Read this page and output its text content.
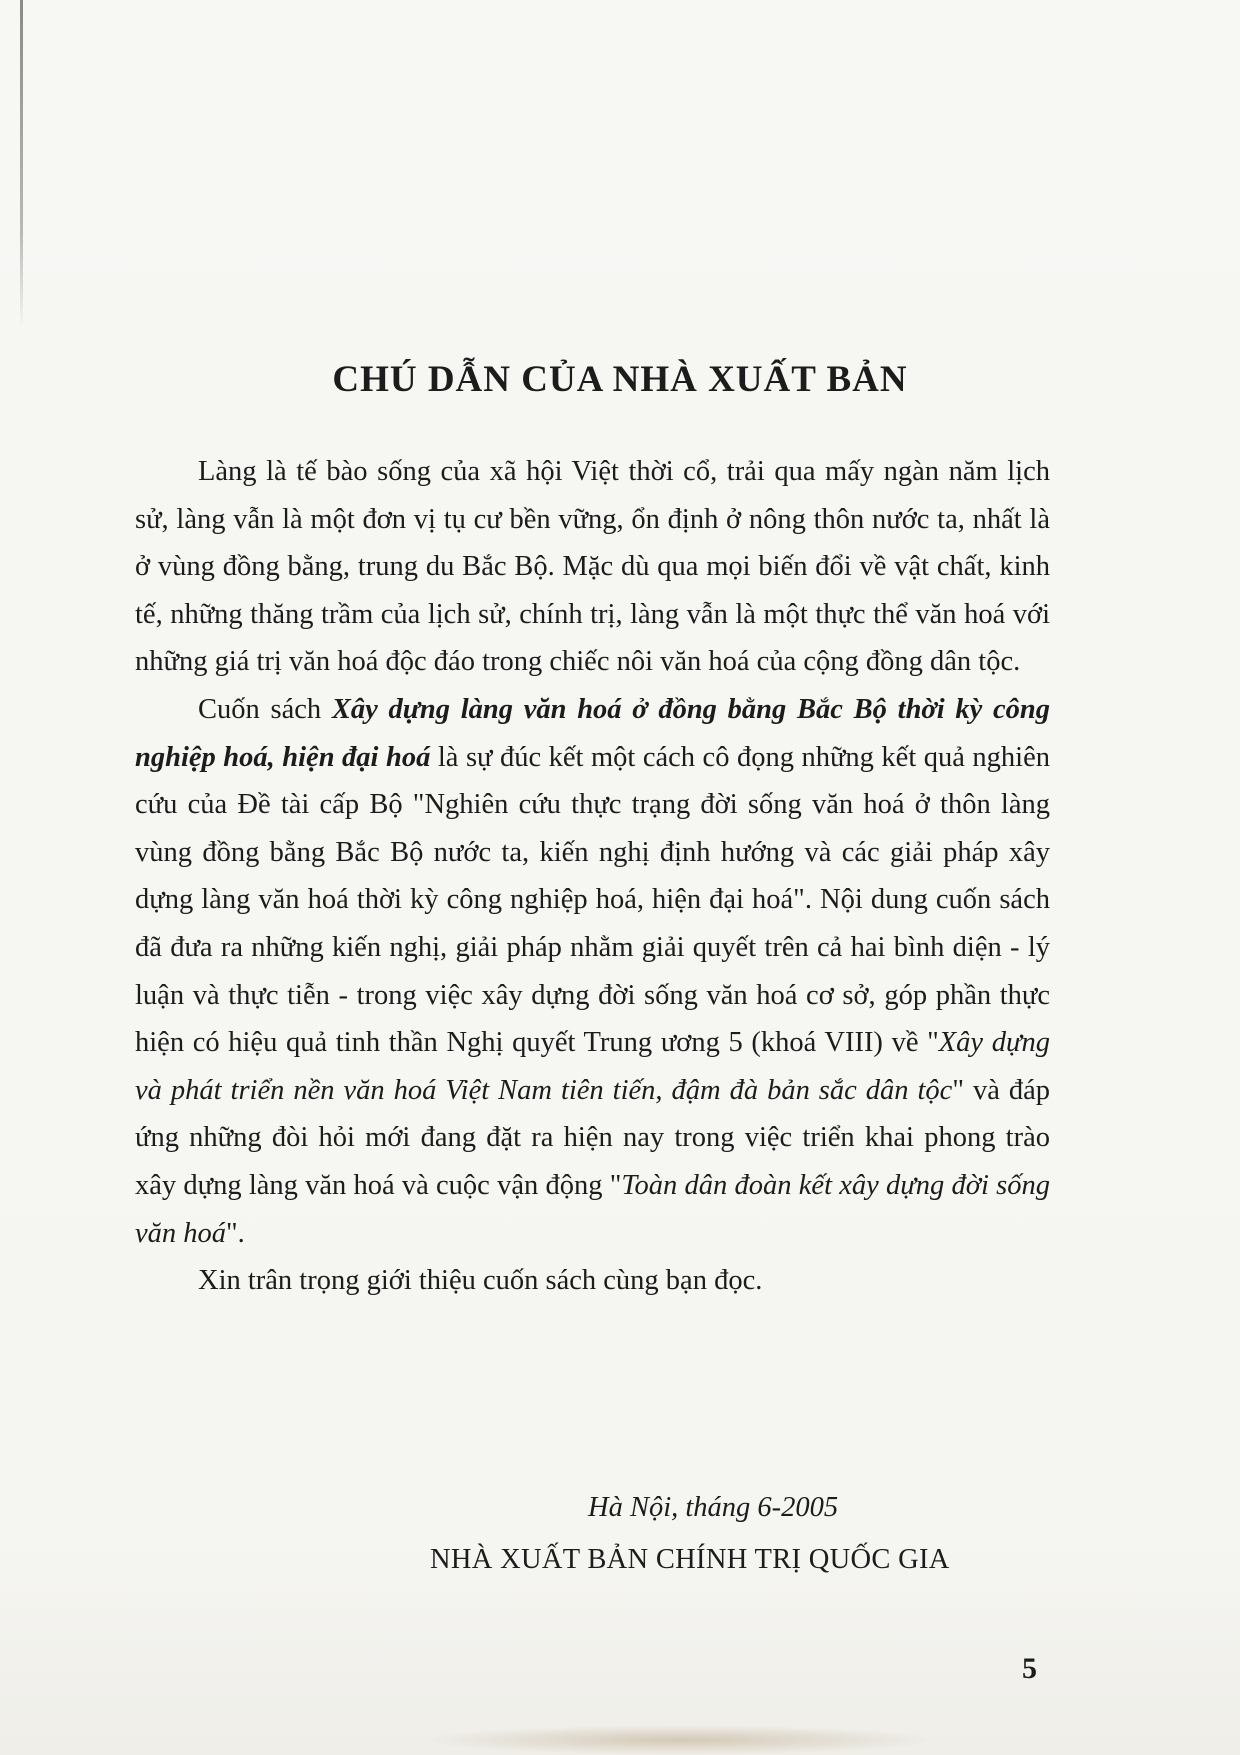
CHÚ DẪN CỦA NHÀ XUẤT BẢN

Làng là tế bào sống của xã hội Việt thời cổ, trải qua mấy ngàn năm lịch sử, làng vẫn là một đơn vị tụ cư bền vững, ổn định ở nông thôn nước ta, nhất là ở vùng đồng bằng, trung du Bắc Bộ. Mặc dù qua mọi biến đổi về vật chất, kinh tế, những thăng trầm của lịch sử, chính trị, làng vẫn là một thực thể văn hoá với những giá trị văn hoá độc đáo trong chiếc nôi văn hoá của cộng đồng dân tộc.

Cuốn sách Xây dựng làng văn hoá ở đồng bằng Bắc Bộ thời kỳ công nghiệp hoá, hiện đại hoá là sự đúc kết một cách cô đọng những kết quả nghiên cứu của Đề tài cấp Bộ "Nghiên cứu thực trạng đời sống văn hoá ở thôn làng vùng đồng bằng Bắc Bộ nước ta, kiến nghị định hướng và các giải pháp xây dựng làng văn hoá thời kỳ công nghiệp hoá, hiện đại hoá". Nội dung cuốn sách đã đưa ra những kiến nghị, giải pháp nhằm giải quyết trên cả hai bình diện - lý luận và thực tiễn - trong việc xây dựng đời sống văn hoá cơ sở, góp phần thực hiện có hiệu quả tinh thần Nghị quyết Trung ương 5 (khoá VIII) về "Xây dựng và phát triển nền văn hoá Việt Nam tiên tiến, đậm đà bản sắc dân tộc" và đáp ứng những đòi hỏi mới đang đặt ra hiện nay trong việc triển khai phong trào xây dựng làng văn hoá và cuộc vận động "Toàn dân đoàn kết xây dựng đời sống văn hoá".

Xin trân trọng giới thiệu cuốn sách cùng bạn đọc.

Hà Nội, tháng 6-2005
NHÀ XUẤT BẢN CHÍNH TRỊ QUỐC GIA
5
